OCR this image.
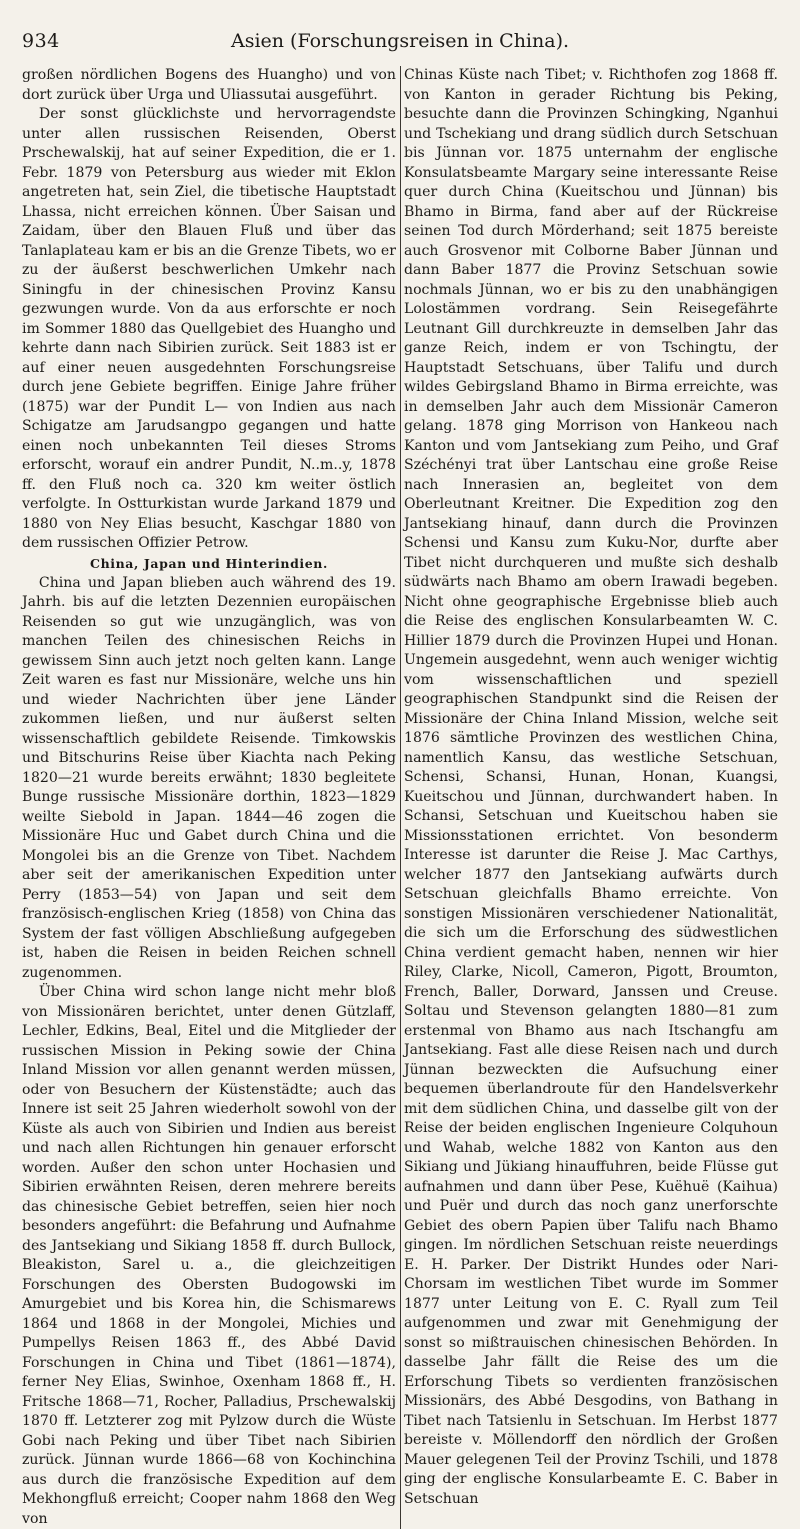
934	Asien (Forschungsreisen in China).

großen nördlichen Bogens des Huangho) und von dort zurück über Urga und Uliassutai ausgeführt.

Der sonst glücklichste und hervorragendste unter allen russischen Reisenden, Oberst Prschewalskij, hat auf seiner Expedition, die er 1. Febr. 1879 von Petersburg aus wieder mit Eklon angetreten hat, sein Ziel, die tibetische Hauptstadt Lhassa, nicht erreichen können. Über Saisan und Zaidam, über den Blauen Fluß und über das Tanlaplateau kam er bis an die Grenze Tibets, wo er zu der äußerst beschwerlichen Umkehr nach Siningfu in der chinesischen Provinz Kansu gezwungen wurde. Von da aus erforschte er noch im Sommer 1880 das Quellgebiet des Huangho und kehrte dann nach Sibirien zurück. Seit 1883 ist er auf einer neuen ausgedehnten Forschungsreise durch jene Gebiete begriffen. Einige Jahre früher (1875) war der Pundit L— von Indien aus nach Schigatze am Jarudsangpo gegangen und hatte einen noch unbekannten Teil dieses Stroms erforscht, worauf ein andrer Pundit, N..m..y, 1878 ff. den Fluß noch ca. 320 km weiter östlich verfolgte. In Ostturkistan wurde Jarkand 1879 und 1880 von Ney Elias besucht, Kaschgar 1880 von dem russischen Offizier Petrow.

China, Japan und Hinterindien.

China und Japan blieben auch während des 19. Jahrh. bis auf die letzten Dezennien europäischen Reisenden so gut wie unzugänglich, was von manchen Teilen des chinesischen Reichs in gewissem Sinn auch jetzt noch gelten kann. Lange Zeit waren es fast nur Missionäre, welche uns hin und wieder Nachrichten über jene Länder zukommen ließen, und nur äußerst selten wissenschaftlich gebildete Reisende. Timkowskis und Bitschurins Reise über Kiachta nach Peking 1820—21 wurde bereits erwähnt; 1830 begleitete Bunge russische Missionäre dorthin, 1823—1829 weilte Siebold in Japan. 1844—46 zogen die Missionäre Huc und Gabet durch China und die Mongolei bis an die Grenze von Tibet. Nachdem aber seit der amerikanischen Expedition unter Perry (1853—54) von Japan und seit dem französisch-englischen Krieg (1858) von China das System der fast völligen Abschließung aufgegeben ist, haben die Reisen in beiden Reichen schnell zugenommen.

Über China wird schon lange nicht mehr bloß von Missionären berichtet, unter denen Gützlaff, Lechler, Edkins, Beal, Eitel und die Mitglieder der russischen Mission in Peking sowie der China Inland Mission vor allen genannt werden müssen, oder von Besuchern der Küstenstädte; auch das Innere ist seit 25 Jahren wiederholt sowohl von der Küste als auch von Sibirien und Indien aus bereist und nach allen Richtungen hin genauer erforscht worden. Außer den schon unter Hochasien und Sibirien erwähnten Reisen, deren mehrere bereits das chinesische Gebiet betreffen, seien hier noch besonders angeführt: die Befahrung und Aufnahme des Jantsekiang und Sikiang 1858 ff. durch Bullock, Bleakiston, Sarel u. a., die gleichzeitigen Forschungen des Obersten Budogowski im Amurgebiet und bis Korea hin, die Schismarews 1864 und 1868 in der Mongolei, Michies und Pumpellys Reisen 1863 ff., des Abbé David Forschungen in China und Tibet (1861—1874), ferner Ney Elias, Swinhoe, Oxenham 1868 ff., H. Fritsche 1868—71, Rocher, Palladius, Prschewalskij 1870 ff. Letzterer zog mit Pylzow durch die Wüste Gobi nach Peking und über Tibet nach Sibirien zurück. Jünnan wurde 1866—68 von Kochinchina aus durch die französische Expedition auf dem Mekhongfluß erreicht; Cooper nahm 1868 den Weg von

Chinas Küste nach Tibet; v. Richthofen zog 1868 ff. von Kanton in gerader Richtung bis Peking, besuchte dann die Provinzen Schingking, Nganhui und Tschekiang und drang südlich durch Setschuan bis Jünnan vor. 1875 unternahm der englische Konsulatsbeamte Margary seine interessante Reise quer durch China (Kueitschou und Jünnan) bis Bhamo in Birma, fand aber auf der Rückreise seinen Tod durch Mörderhand; seit 1875 bereiste auch Grosvenor mit Colborne Baber Jünnan und dann Baber 1877 die Provinz Setschuan sowie nochmals Jünnan, wo er bis zu den unabhängigen Lolostämmen vordrang. Sein Reisegefährte Leutnant Gill durchkreuzte in demselben Jahr das ganze Reich, indem er von Tschingtu, der Hauptstadt Setschuans, über Talifu und durch wildes Gebirgsland Bhamo in Birma erreichte, was in demselben Jahr auch dem Missionär Cameron gelang. 1878 ging Morrison von Hankeou nach Kanton und vom Jantsekiang zum Peiho, und Graf Széchényi trat über Lantschau eine große Reise nach Innerasien an, begleitet von dem Oberleutnant Kreitner. Die Expedition zog den Jantsekiang hinauf, dann durch die Provinzen Schensi und Kansu zum Kuku-Nor, durfte aber Tibet nicht durchqueren und mußte sich deshalb südwärts nach Bhamo am obern Irawadi begeben. Nicht ohne geographische Ergebnisse blieb auch die Reise des englischen Konsularbeamten W. C. Hillier 1879 durch die Provinzen Hupei und Honan. Ungemein ausgedehnt, wenn auch weniger wichtig vom wissenschaftlichen und speziell geographischen Standpunkt sind die Reisen der Missionäre der China Inland Mission, welche seit 1876 sämtliche Provinzen des westlichen China, namentlich Kansu, das westliche Setschuan, Schensi, Schansi, Hunan, Honan, Kuangsi, Kueitschou und Jünnan, durchwandert haben. In Schansi, Setschuan und Kueitschou haben sie Missionsstationen errichtet. Von besonderm Interesse ist darunter die Reise J. Mac Carthys, welcher 1877 den Jantsekiang aufwärts durch Setschuan gleichfalls Bhamo erreichte. Von sonstigen Missionären verschiedener Nationalität, die sich um die Erforschung des südwestlichen China verdient gemacht haben, nennen wir hier Riley, Clarke, Nicoll, Cameron, Pigott, Broumton, French, Baller, Dorward, Janssen und Creuse. Soltau und Stevenson gelangten 1880—81 zum erstenmal von Bhamo aus nach Itschangfu am Jantsekiang. Fast alle diese Reisen nach und durch Jünnan bezweckten die Aufsuchung einer bequemen überlandroute für den Handelsverkehr mit dem südlichen China, und dasselbe gilt von der Reise der beiden englischen Ingenieure Colquhoun und Wahab, welche 1882 von Kanton aus den Sikiang und Jükiang hinauffuhren, beide Flüsse gut aufnahmen und dann über Pese, Kuëhuë (Kaihua) und Puër und durch das noch ganz unerforschte Gebiet des obern Papien über Talifu nach Bhamo gingen. Im nördlichen Setschuan reiste neuerdings E. H. Parker. Der Distrikt Hundes oder Nari-Chorsam im westlichen Tibet wurde im Sommer 1877 unter Leitung von E. C. Ryall zum Teil aufgenommen und zwar mit Genehmigung der sonst so mißtrauischen chinesischen Behörden. In dasselbe Jahr fällt die Reise des um die Erforschung Tibets so verdienten französischen Missionärs, des Abbé Desgodins, von Bathang in Tibet nach Tatsienlu in Setschuan. Im Herbst 1877 bereiste v. Möllendorff den nördlich der Großen Mauer gelegenen Teil der Provinz Tschili, und 1878 ging der englische Konsularbeamte E. C. Baber in Setschuan
